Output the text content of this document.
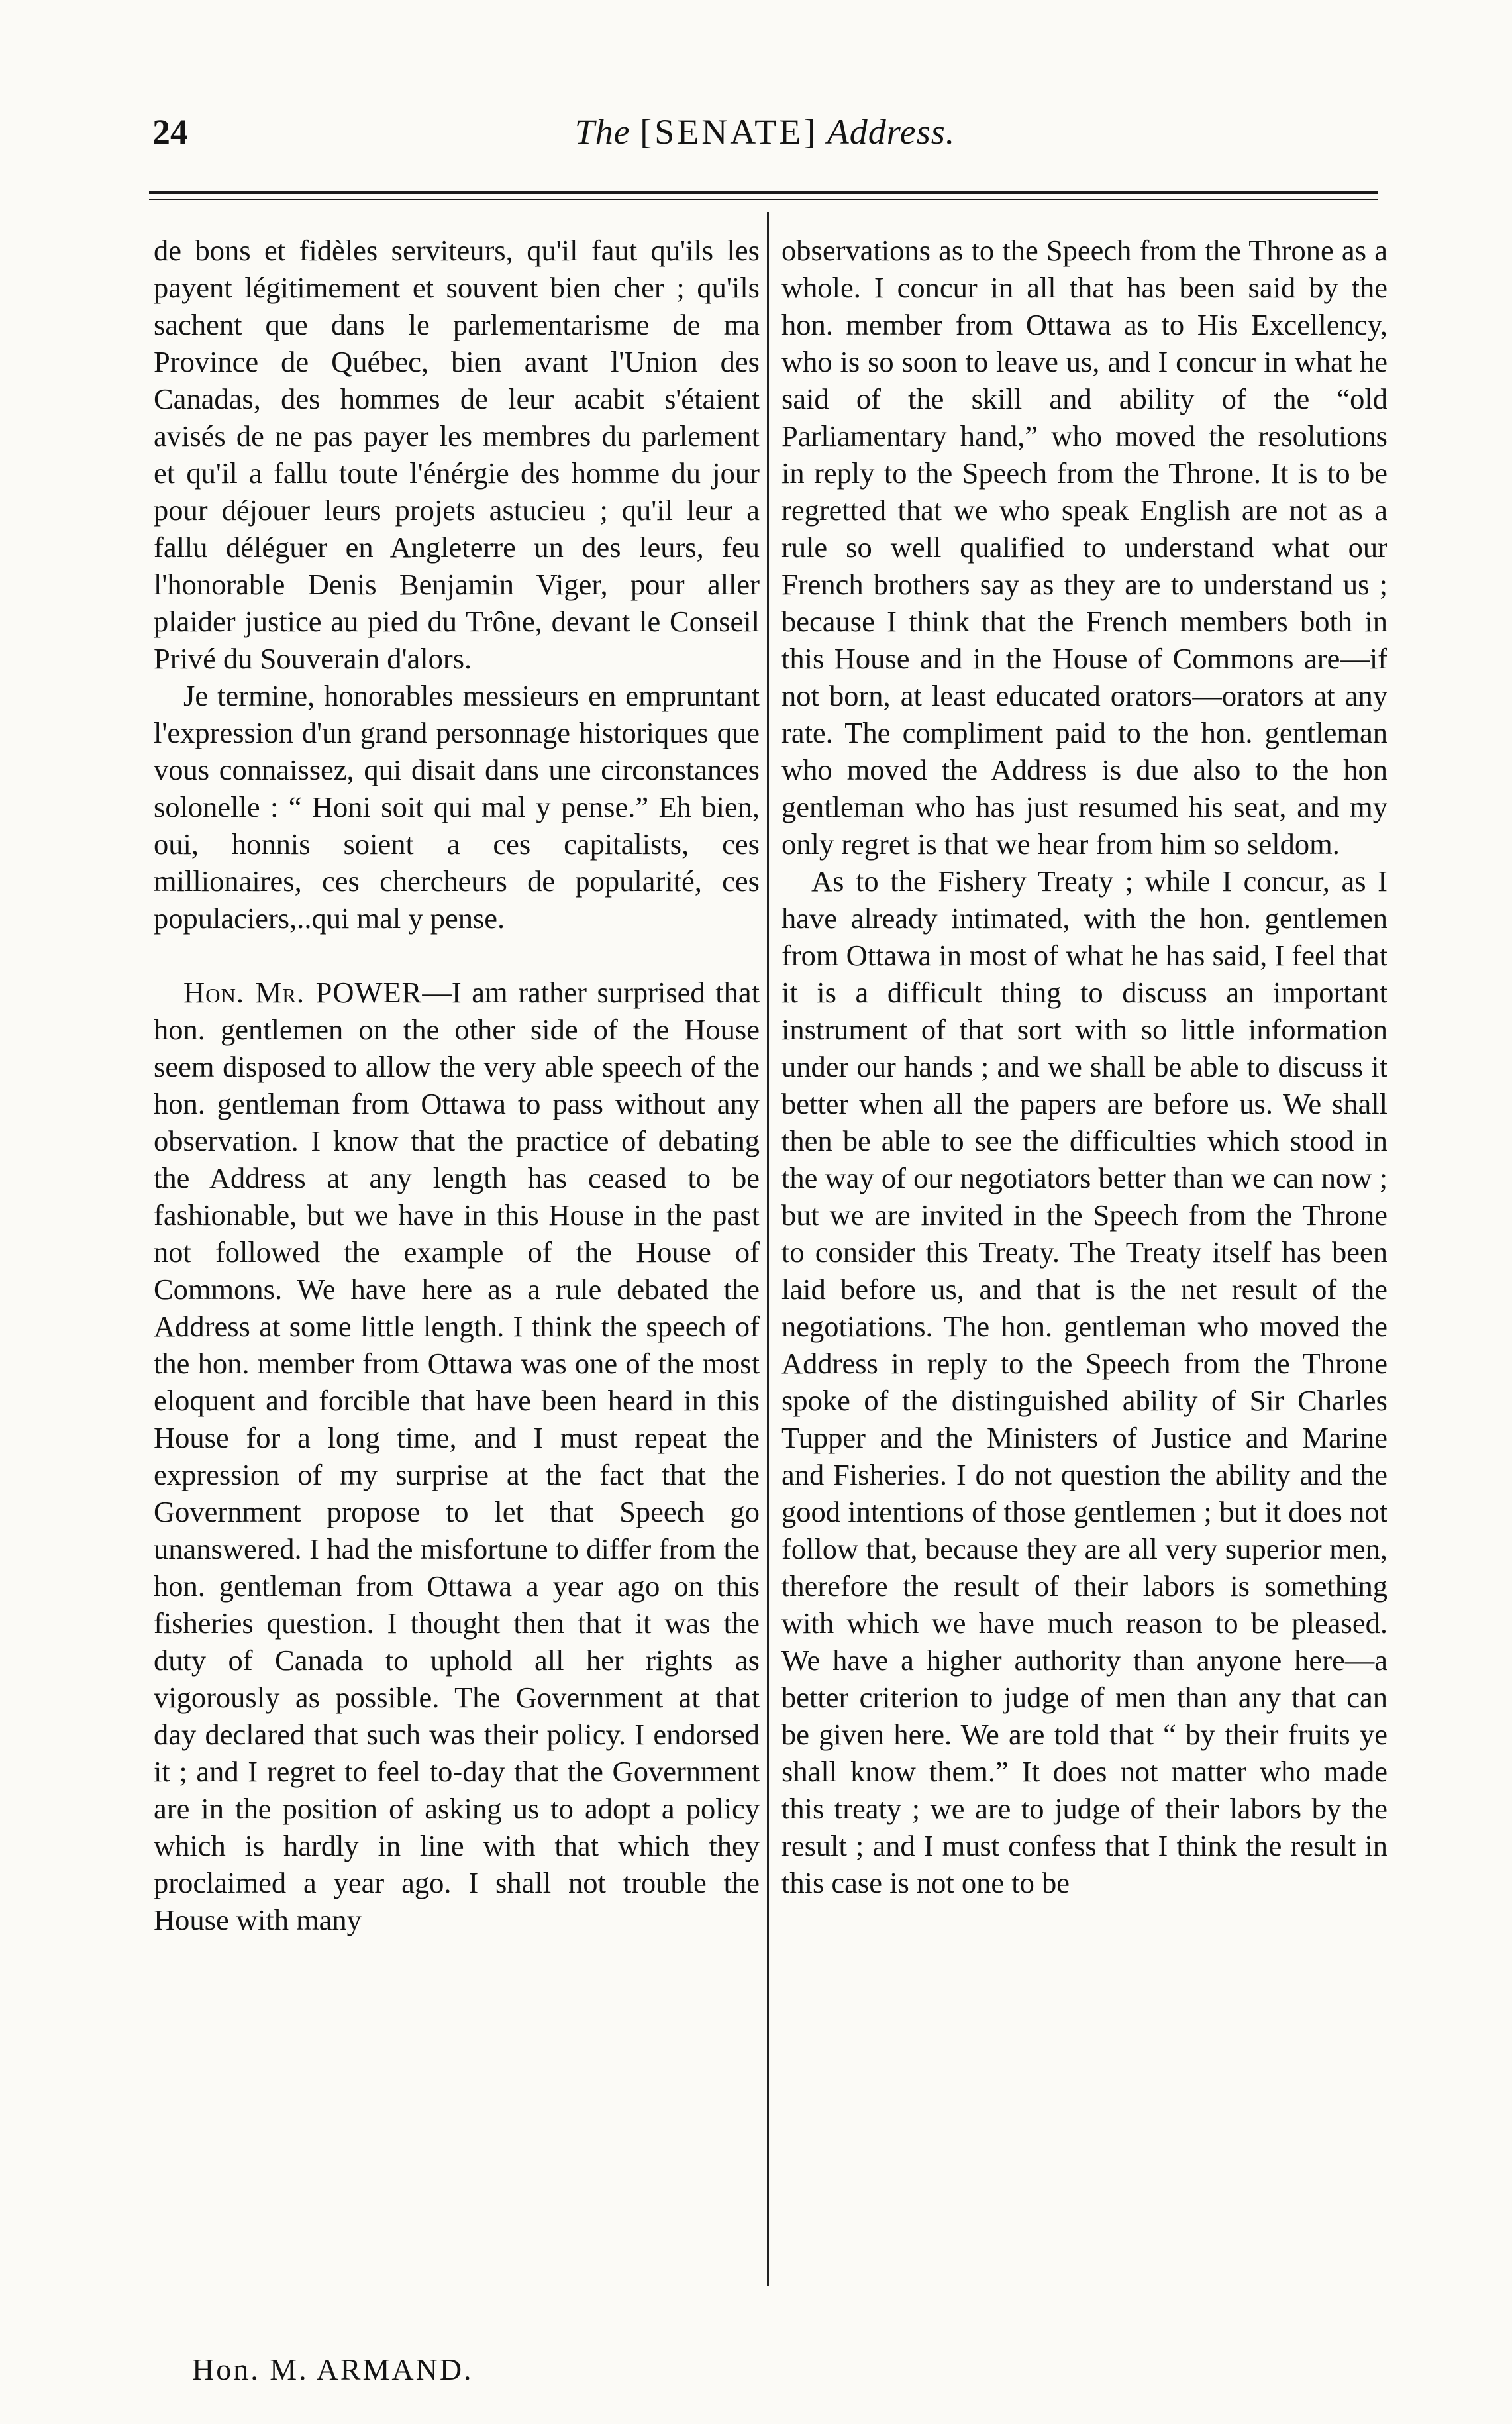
24	The [SENATE] Address.

de bons et fidèles serviteurs, qu'il faut qu'ils les payent légitimement et souvent bien cher ; qu'ils sachent que dans le parlementarisme de ma Province de Québec, bien avant l'Union des Canadas, des hommes de leur acabit s'étaient avisés de ne pas payer les membres du parlement et qu'il a fallu toute l'énérgie des homme du jour pour déjouer leurs projets astucieu ; qu'il leur a fallu déléguer en Angleterre un des leurs, feu l'honorable Denis Benjamin Viger, pour aller plaider justice au pied du Trône, devant le Conseil Privé du Souverain d'alors.

Je termine, honorables messieurs en empruntant l'expression d'un grand personnage historiques que vous connaissez, qui disait dans une circonstances solonelle : “ Honi soit qui mal y pense.” Eh bien, oui, honnis soient a ces capitalists, ces millionaires, ces chercheurs de popularité, ces populaciers,..qui mal y pense.

Hon. Mr. POWER—I am rather surprised that hon. gentlemen on the other side of the House seem disposed to allow the very able speech of the hon. gentleman from Ottawa to pass without any observation. I know that the practice of debating the Address at any length has ceased to be fashionable, but we have in this House in the past not followed the example of the House of Commons. We have here as a rule debated the Address at some little length. I think the speech of the hon. member from Ottawa was one of the most eloquent and forcible that have been heard in this House for a long time, and I must repeat the expression of my surprise at the fact that the Government propose to let that Speech go unanswered. I had the misfortune to differ from the hon. gentleman from Ottawa a year ago on this fisheries question. I thought then that it was the duty of Canada to uphold all her rights as vigorously as possible. The Government at that day declared that such was their policy. I endorsed it ; and I regret to feel to-day that the Government are in the position of asking us to adopt a policy which is hardly in line with that which they proclaimed a year ago. I shall not trouble the House with many

observations as to the Speech from the Throne as a whole. I concur in all that has been said by the hon. member from Ottawa as to His Excellency, who is so soon to leave us, and I concur in what he said of the skill and ability of the “old Parliamentary hand,” who moved the resolutions in reply to the Speech from the Throne. It is to be regretted that we who speak English are not as a rule so well qualified to understand what our French brothers say as they are to understand us ; because I think that the French members both in this House and in the House of Commons are—if not born, at least educated orators—orators at any rate. The compliment paid to the hon. gentleman who moved the Address is due also to the hon gentleman who has just resumed his seat, and my only regret is that we hear from him so seldom.

As to the Fishery Treaty ; while I concur, as I have already intimated, with the hon. gentlemen from Ottawa in most of what he has said, I feel that it is a difficult thing to discuss an important instrument of that sort with so little information under our hands ; and we shall be able to discuss it better when all the papers are before us. We shall then be able to see the difficulties which stood in the way of our negotiators better than we can now ; but we are invited in the Speech from the Throne to consider this Treaty. The Treaty itself has been laid before us, and that is the net result of the negotiations. The hon. gentleman who moved the Address in reply to the Speech from the Throne spoke of the distinguished ability of Sir Charles Tupper and the Ministers of Justice and Marine and Fisheries. I do not question the ability and the good intentions of those gentlemen ; but it does not follow that, because they are all very superior men, therefore the result of their labors is something with which we have much reason to be pleased. We have a higher authority than anyone here—a better criterion to judge of men than any that can be given here. We are told that “ by their fruits ye shall know them.” It does not matter who made this treaty ; we are to judge of their labors by the result ; and I must confess that I think the result in this case is not one to be

Hon. M. ARMAND.
